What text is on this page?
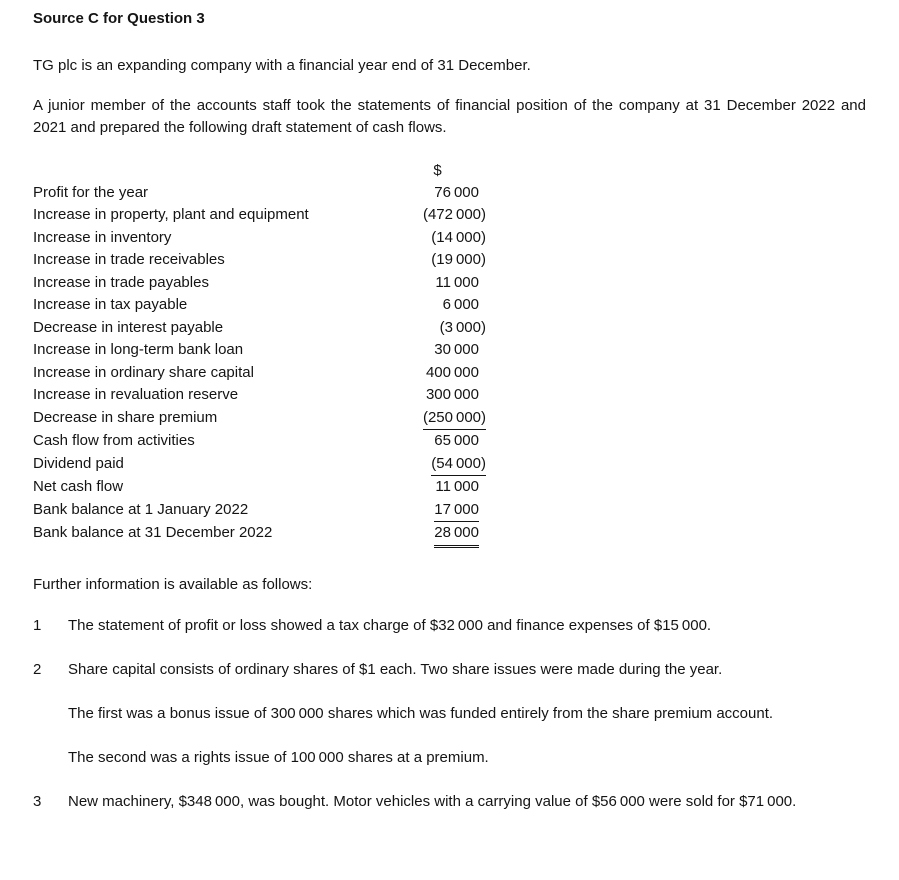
Source C for Question 3

TG plc is an expanding company with a financial year end of 31 December.

A junior member of the accounts staff took the statements of financial position of the company at 31 December 2022 and 2021 and prepared the following draft statement of cash flows.

$
Profit for the year	76 000
Increase in property, plant and equipment	(472 000)
Increase in inventory	(14 000)
Increase in trade receivables	(19 000)
Increase in trade payables	11 000
Increase in tax payable	6 000
Decrease in interest payable	(3 000)
Increase in long-term bank loan	30 000
Increase in ordinary share capital	400 000
Increase in revaluation reserve	300 000
Decrease in share premium	(250 000)
Cash flow from activities	65 000
Dividend paid	(54 000)
Net cash flow	11 000
Bank balance at 1 January 2022	17 000
Bank balance at 31 December 2022	28 000

Further information is available as follows:

1	The statement of profit or loss showed a tax charge of $32 000 and finance expenses of $15 000.

2	Share capital consists of ordinary shares of $1 each. Two share issues were made during the year.

The first was a bonus issue of 300 000 shares which was funded entirely from the share premium account.

The second was a rights issue of 100 000 shares at a premium.

3	New machinery, $348 000, was bought. Motor vehicles with a carrying value of $56 000 were sold for $71 000.
